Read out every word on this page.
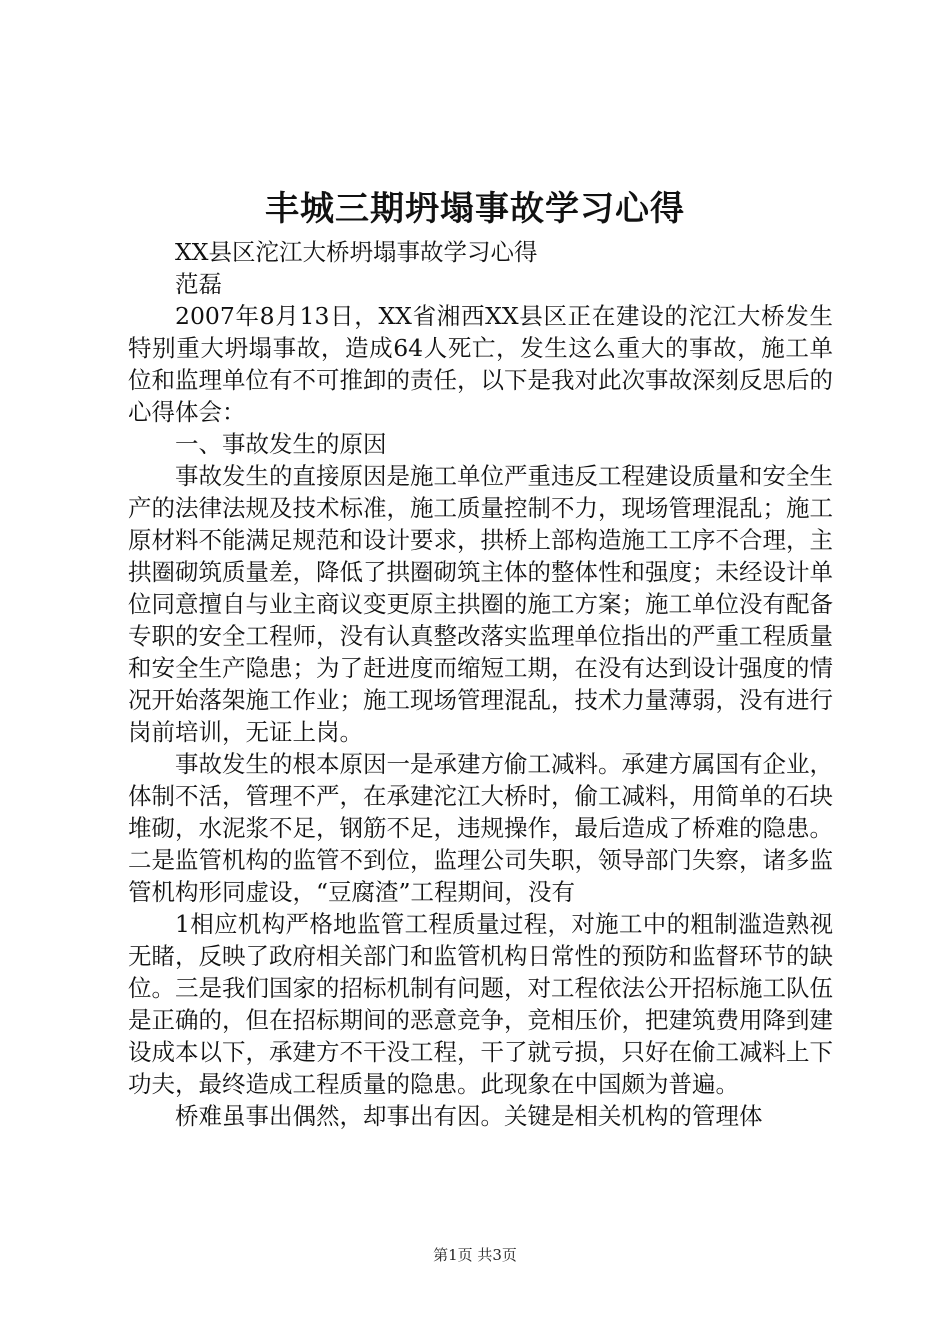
丰城三期坍塌事故学习心得

XX县区沱江大桥坍塌事故学习心得

范磊

2007年8月13日，XX省湘西XX县区正在建设的沱江大桥发生特别重大坍塌事故，造成64人死亡，发生这么重大的事故，施工单位和监理单位有不可推卸的责任，以下是我对此次事故深刻反思后的心得体会：

一、事故发生的原因

事故发生的直接原因是施工单位严重违反工程建设质量和安全生产的法律法规及技术标准，施工质量控制不力，现场管理混乱；施工原材料不能满足规范和设计要求，拱桥上部构造施工工序不合理，主拱圈砌筑质量差，降低了拱圈砌筑主体的整体性和强度；未经设计单位同意擅自与业主商议变更原主拱圈的施工方案；施工单位没有配备专职的安全工程师，没有认真整改落实监理单位指出的严重工程质量和安全生产隐患；为了赶进度而缩短工期，在没有达到设计强度的情况开始落架施工作业；施工现场管理混乱，技术力量薄弱，没有进行岗前培训，无证上岗。

事故发生的根本原因一是承建方偷工减料。承建方属国有企业，体制不活，管理不严，在承建沱江大桥时，偷工减料，用简单的石块堆砌，水泥浆不足，钢筋不足，违规操作，最后造成了桥难的隐患。二是监管机构的监管不到位，监理公司失职，领导部门失察，诸多监管机构形同虚设，“豆腐渣”工程期间，没有

1相应机构严格地监管工程质量过程，对施工中的粗制滥造熟视无睹，反映了政府相关部门和监管机构日常性的预防和监督环节的缺位。三是我们国家的招标机制有问题，对工程依法公开招标施工队伍是正确的，但在招标期间的恶意竞争，竞相压价，把建筑费用降到建设成本以下，承建方不干没工程，干了就亏损，只好在偷工减料上下功夫，最终造成工程质量的隐患。此现象在中国颇为普遍。

桥难虽事出偶然，却事出有因。关键是相关机构的管理体

第1页 共3页
